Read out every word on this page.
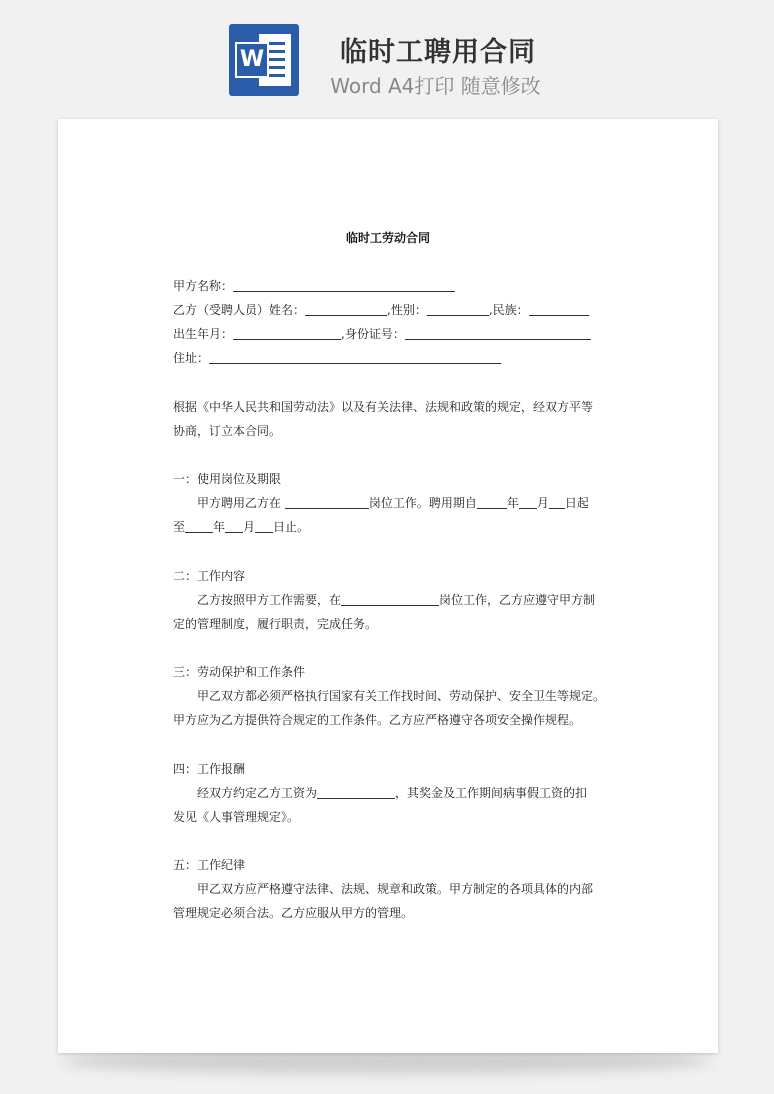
W	临时工聘用合同
Word A4打印 随意修改

临时工劳动合同
甲方名称：
乙方（受聘人员）姓名：	,性别：	,民族：
出生年月：	,身份证号：
住址：
根据《中华人民共和国劳动法》以及有关法律、法规和政策的规定，经双方平等
协商，订立本合同。
一：使用岗位及期限
甲方聘用乙方在	岗位工作。聘用期自	年 月 日起
至 年 月 日止。
二：工作内容
乙方按照甲方工作需要，在	岗位工作，乙方应遵守甲方制
定的管理制度，履行职责，完成任务。
三：劳动保护和工作条件
甲乙双方都必须严格执行国家有关工作找时间、劳动保护、安全卫生等规定。
甲方应为乙方提供符合规定的工作条件。乙方应严格遵守各项安全操作规程。
四：工作报酬
经双方约定乙方工资为	，其奖金及工作期间病事假工资的扣
发见《人事管理规定》。
五：工作纪律
甲乙双方应严格遵守法律、法规、规章和政策。甲方制定的各项具体的内部
管理规定必须合法。乙方应服从甲方的管理。
